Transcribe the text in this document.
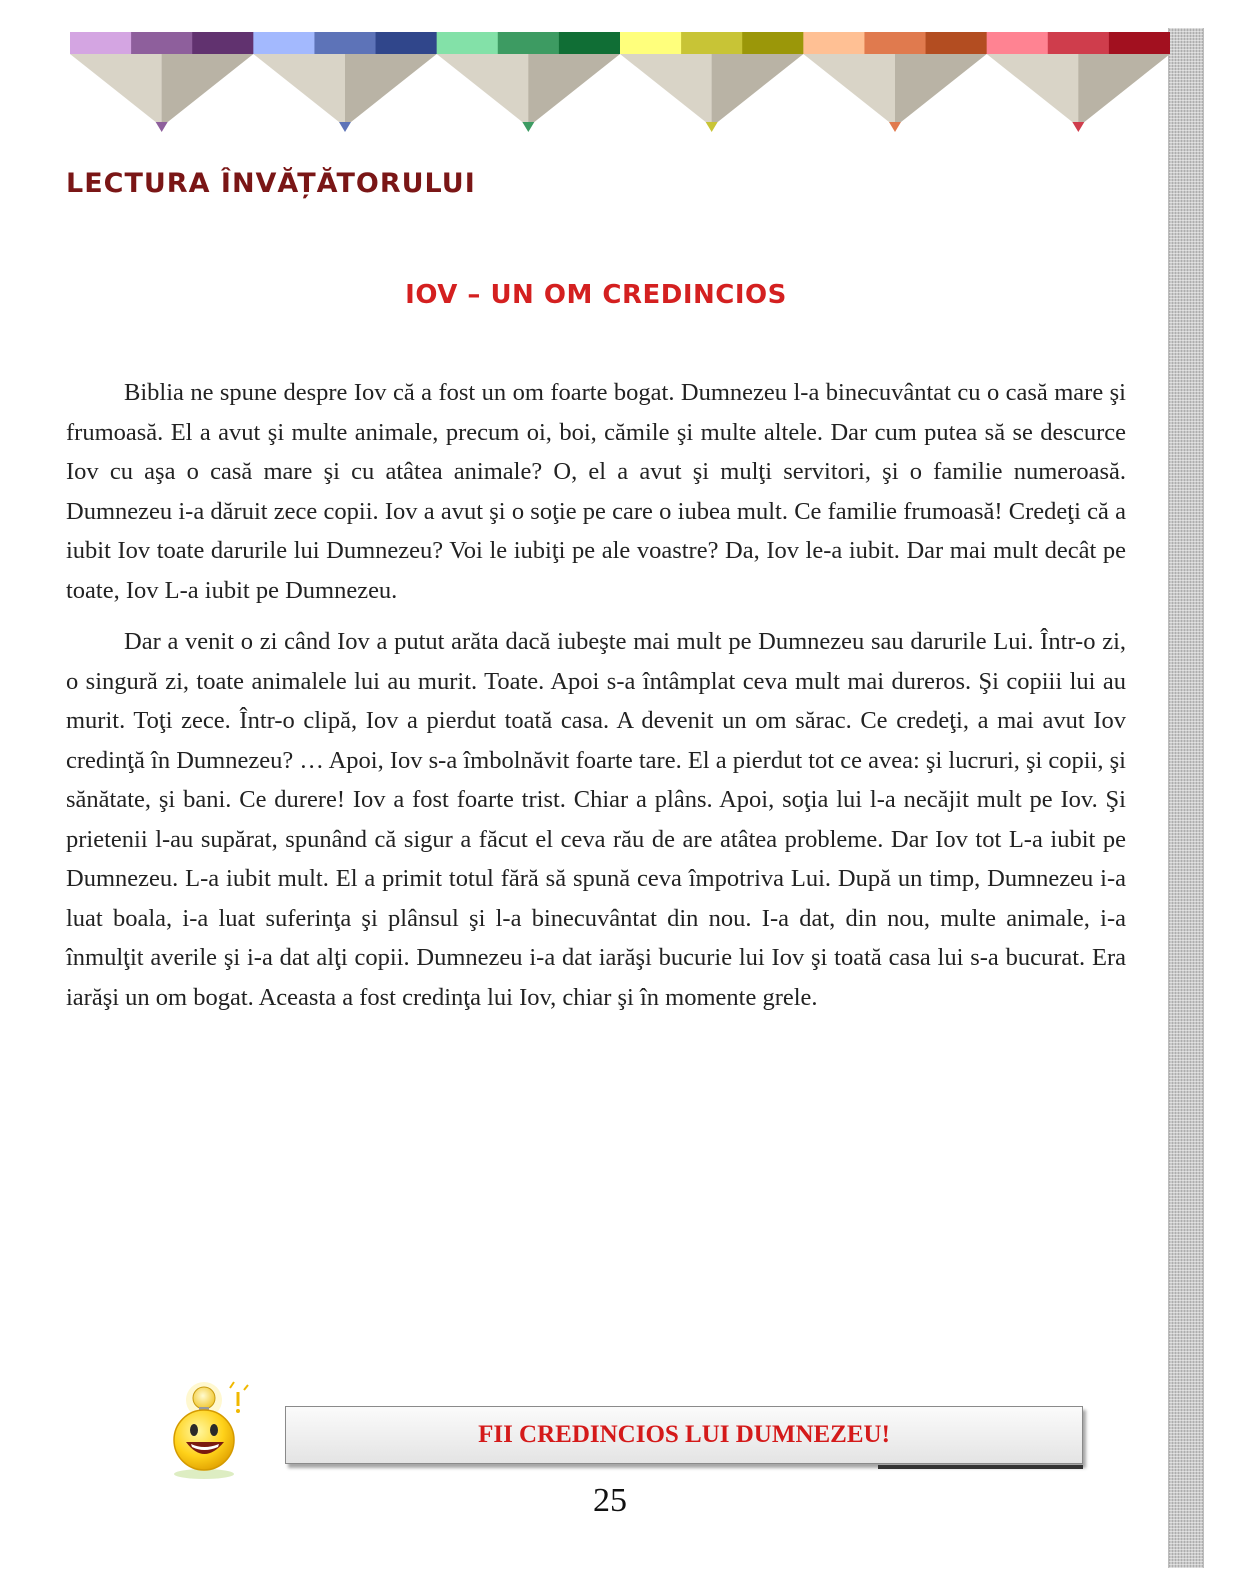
LECTURA ÎNVĂȚĂTORULUI
IOV – UN OM CREDINCIOS

Biblia ne spune despre Iov că a fost un om foarte bogat. Dumnezeu l-a binecuvântat cu o casă mare şi frumoasă. El a avut şi multe animale, precum oi, boi, cămile şi multe altele. Dar cum putea să se descurce Iov cu aşa o casă mare şi cu atâtea animale? O, el a avut şi mulţi servitori, şi o familie numeroasă. Dumnezeu i-a dăruit zece copii. Iov a avut şi o soţie pe care o iubea mult. Ce familie frumoasă! Credeţi că a iubit Iov toate darurile lui Dumnezeu? Voi le iubiţi pe ale voastre? Da, Iov le-a iubit. Dar mai mult decât pe toate, Iov L-a iubit pe Dumnezeu.

Dar a venit o zi când Iov a putut arăta dacă iubeşte mai mult pe Dumnezeu sau darurile Lui. Într-o zi, o singură zi, toate animalele lui au murit. Toate. Apoi s-a întâmplat ceva mult mai dureros. Şi copiii lui au murit. Toţi zece. Într-o clipă, Iov a pierdut toată casa. A devenit un om sărac. Ce credeţi, a mai avut Iov credinţă în Dumnezeu? … Apoi, Iov s-a îmbolnăvit foarte tare. El a pierdut tot ce avea: şi lucruri, şi copii, şi sănătate, şi bani. Ce durere! Iov a fost foarte trist. Chiar a plâns. Apoi, soţia lui l-a necăjit mult pe Iov. Şi prietenii l-au supărat, spunând că sigur a făcut el ceva rău de are atâtea probleme. Dar Iov tot L-a iubit pe Dumnezeu. L-a iubit mult. El a primit totul fără să spună ceva împotriva Lui. După un timp, Dumnezeu i-a luat boala, i-a luat suferinţa şi plânsul şi l-a binecuvântat din nou. I-a dat, din nou, multe animale, i-a înmulţit averile şi i-a dat alţi copii. Dumnezeu i-a dat iarăşi bucurie lui Iov şi toată casa lui s-a bucurat. Era iarăşi un om bogat. Aceasta a fost credinţa lui Iov, chiar şi în momente grele.

FII CREDINCIOS LUI DUMNEZEU!
25
